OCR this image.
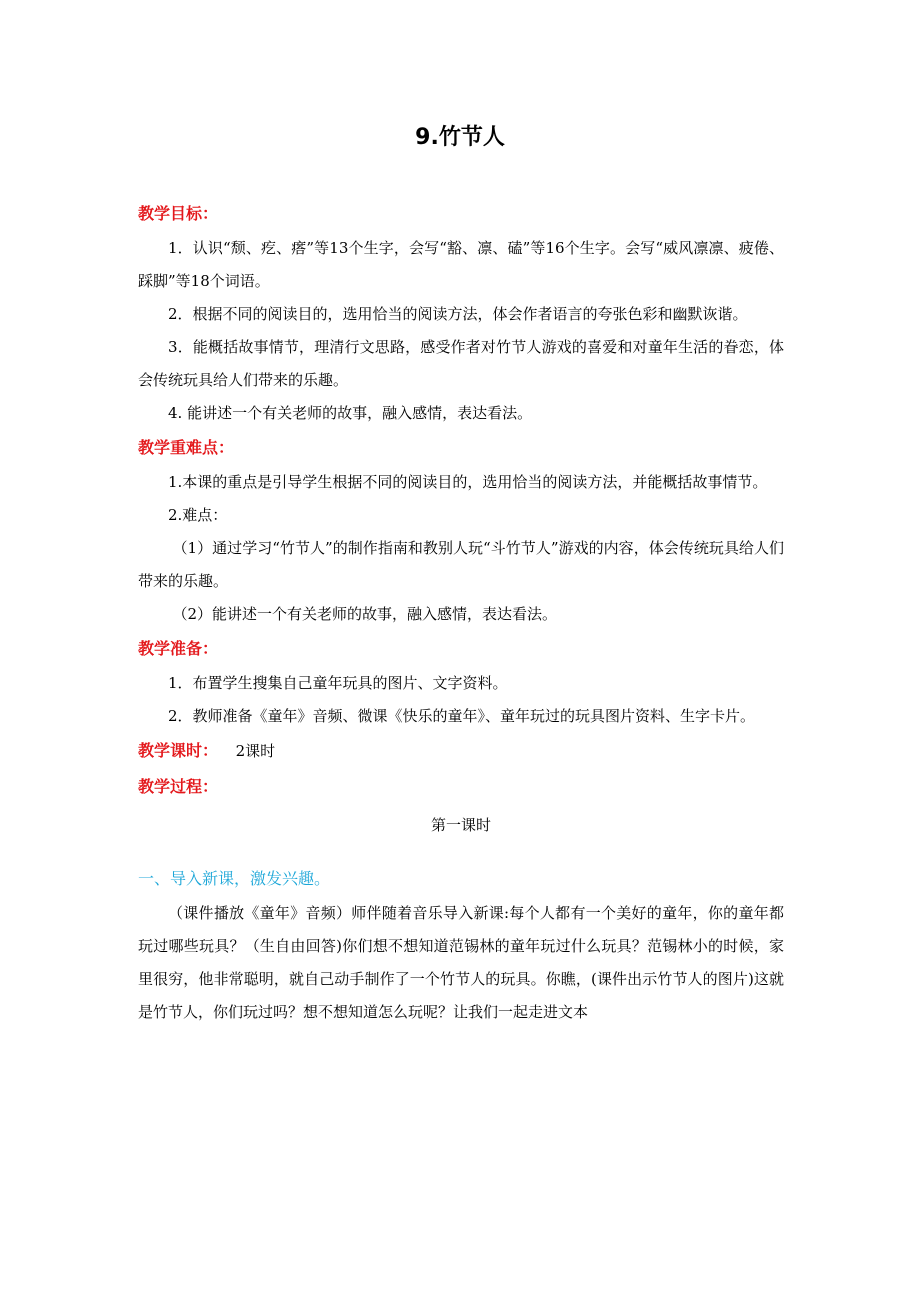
9.竹节人
教学目标：
1．认识“颓、疙、瘩”等13个生字，会写“豁、凛、磕”等16个生字。会写“威风凛凛、疲倦、踩脚”等18个词语。
2．根据不同的阅读目的，选用恰当的阅读方法，体会作者语言的夸张色彩和幽默诙谐。
3．能概括故事情节，理清行文思路，感受作者对竹节人游戏的喜爱和对童年生活的眷恋，体会传统玩具给人们带来的乐趣。
4. 能讲述一个有关老师的故事，融入感情，表达看法。
教学重难点：
1.本课的重点是引导学生根据不同的阅读目的，选用恰当的阅读方法，并能概括故事情节。
2.难点：
（1）通过学习“竹节人”的制作指南和教别人玩“斗竹节人”游戏的内容，体会传统玩具给人们带来的乐趣。
（2）能讲述一个有关老师的故事，融入感情，表达看法。
教学准备：
1．布置学生搜集自己童年玩具的图片、文字资料。
2．教师准备《童年》音频、微课《快乐的童年》、童年玩过的玩具图片资料、生字卡片。
教学课时： 2课时
教学过程：
第一课时
一、导入新课，激发兴趣。
（课件播放《童年》音频）师伴随着音乐导入新课:每个人都有一个美好的童年，你的童年都玩过哪些玩具？（生自由回答)你们想不想知道范锡林的童年玩过什么玩具？范锡林小的时候，家里很穷，他非常聪明，就自己动手制作了一个竹节人的玩具。你瞧，(课件出示竹节人的图片)这就是竹节人，你们玩过吗？想不想知道怎么玩呢？让我们一起走进文本
